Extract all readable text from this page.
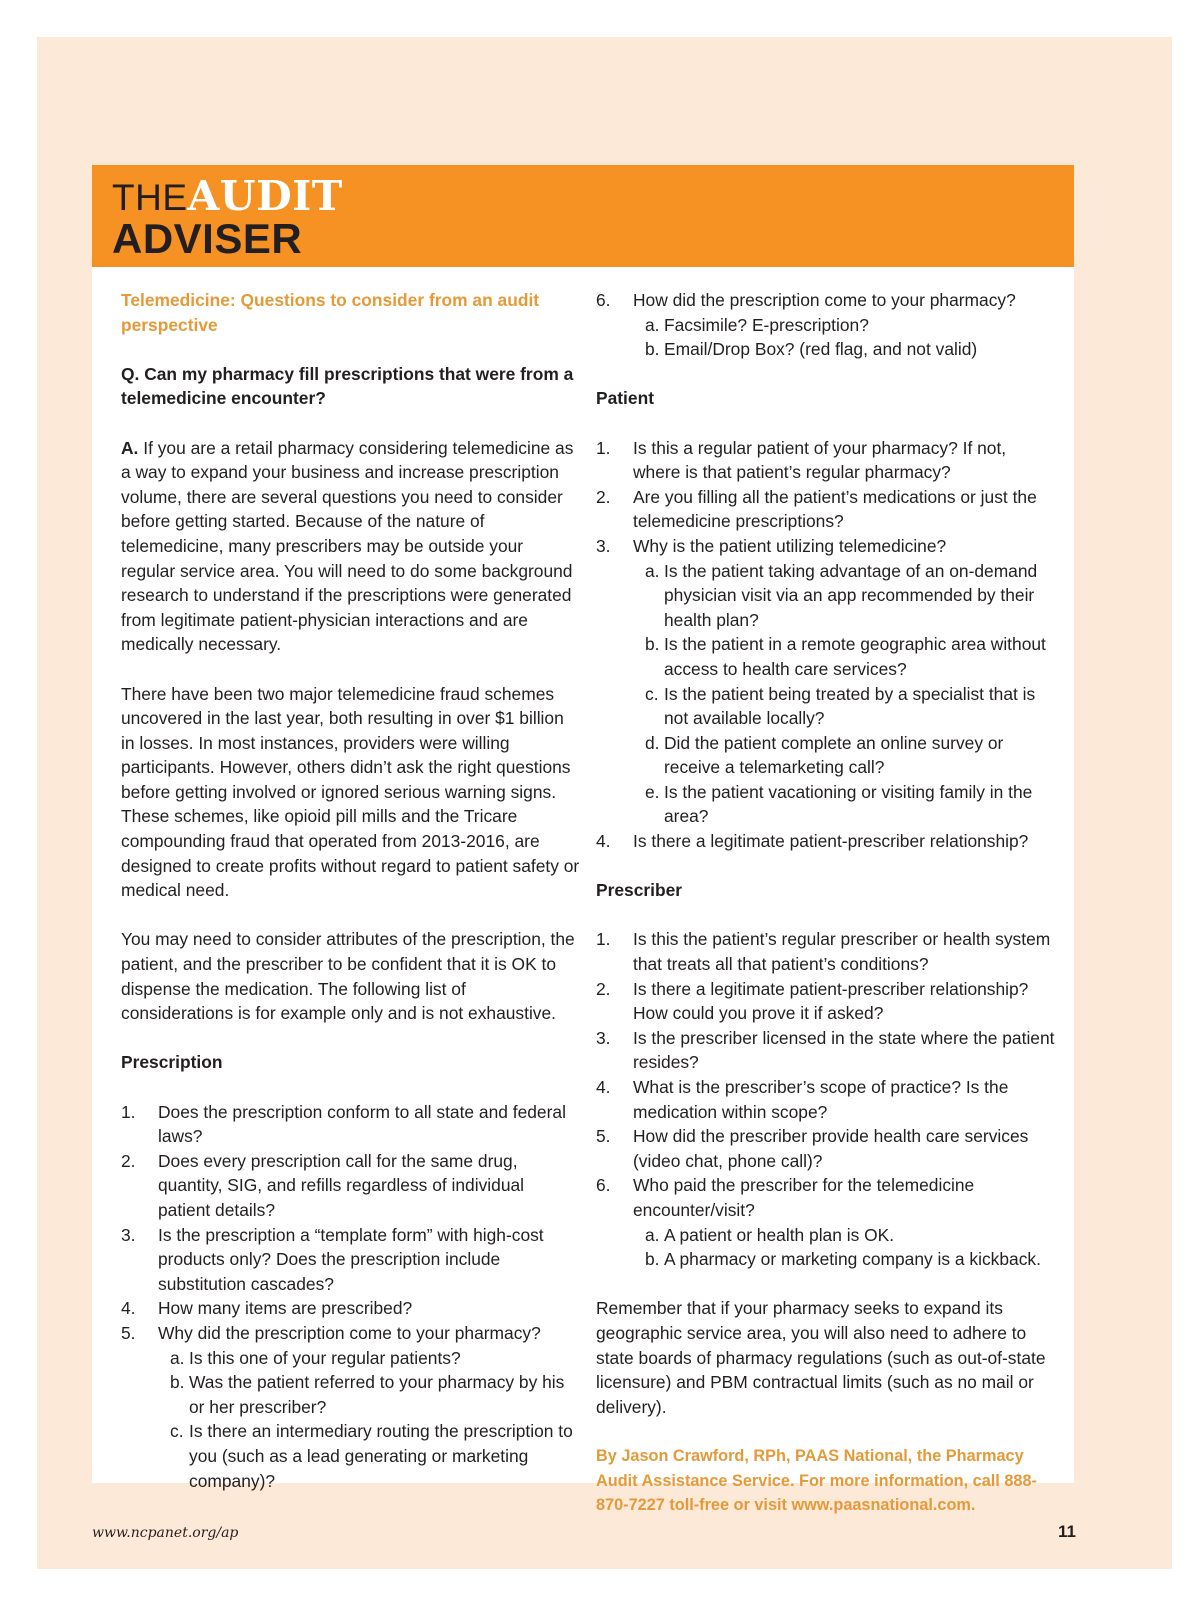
THEAUDIT
ADVISER

Telemedicine: Questions to consider from an audit perspective

Q. Can my pharmacy fill prescriptions that were from a telemedicine encounter?

A. If you are a retail pharmacy considering telemedicine as a way to expand your business and increase prescription volume, there are several questions you need to consider before getting started. Because of the nature of telemedicine, many prescribers may be outside your regular service area. You will need to do some background research to understand if the prescriptions were generated from legitimate patient-physician interactions and are medically necessary.

There have been two major telemedicine fraud schemes uncovered in the last year, both resulting in over $1 billion in losses. In most instances, providers were willing participants. However, others didn’t ask the right questions before getting involved or ignored serious warning signs. These schemes, like opioid pill mills and the Tricare compounding fraud that operated from 2013-2016, are designed to create profits without regard to patient safety or medical need.

You may need to consider attributes of the prescription, the patient, and the prescriber to be confident that it is OK to dispense the medication. The following list of considerations is for example only and is not exhaustive.

Prescription

1. Does the prescription conform to all state and federal laws?
2. Does every prescription call for the same drug, quantity, SIG, and refills regardless of individual patient details?
3. Is the prescription a “template form” with high-cost products only? Does the prescription include substitution cascades?
4. How many items are prescribed?
5. Why did the prescription come to your pharmacy?
a. Is this one of your regular patients?
b. Was the patient referred to your pharmacy by his or her prescriber?
c. Is there an intermediary routing the prescription to you (such as a lead generating or marketing company)?
6. How did the prescription come to your pharmacy?
a. Facsimile? E-prescription?
b. Email/Drop Box? (red flag, and not valid)

Patient

1. Is this a regular patient of your pharmacy? If not, where is that patient’s regular pharmacy?
2. Are you filling all the patient’s medications or just the telemedicine prescriptions?
3. Why is the patient utilizing telemedicine?
a. Is the patient taking advantage of an on-demand physician visit via an app recommended by their health plan?
b. Is the patient in a remote geographic area without access to health care services?
c. Is the patient being treated by a specialist that is not available locally?
d. Did the patient complete an online survey or receive a telemarketing call?
e. Is the patient vacationing or visiting family in the area?
4. Is there a legitimate patient-prescriber relationship?

Prescriber

1. Is this the patient’s regular prescriber or health system that treats all that patient’s conditions?
2. Is there a legitimate patient-prescriber relationship? How could you prove it if asked?
3. Is the prescriber licensed in the state where the patient resides?
4. What is the prescriber’s scope of practice? Is the medication within scope?
5. How did the prescriber provide health care services (video chat, phone call)?
6. Who paid the prescriber for the telemedicine encounter/visit?
a. A patient or health plan is OK.
b. A pharmacy or marketing company is a kickback.

Remember that if your pharmacy seeks to expand its geographic service area, you will also need to adhere to state boards of pharmacy regulations (such as out-of-state licensure) and PBM contractual limits (such as no mail or delivery).

By Jason Crawford, RPh, PAAS National, the Pharmacy Audit Assistance Service. For more information, call 888-870-7227 toll-free or visit www.paasnational.com.

www.ncpanet.org/ap	11
